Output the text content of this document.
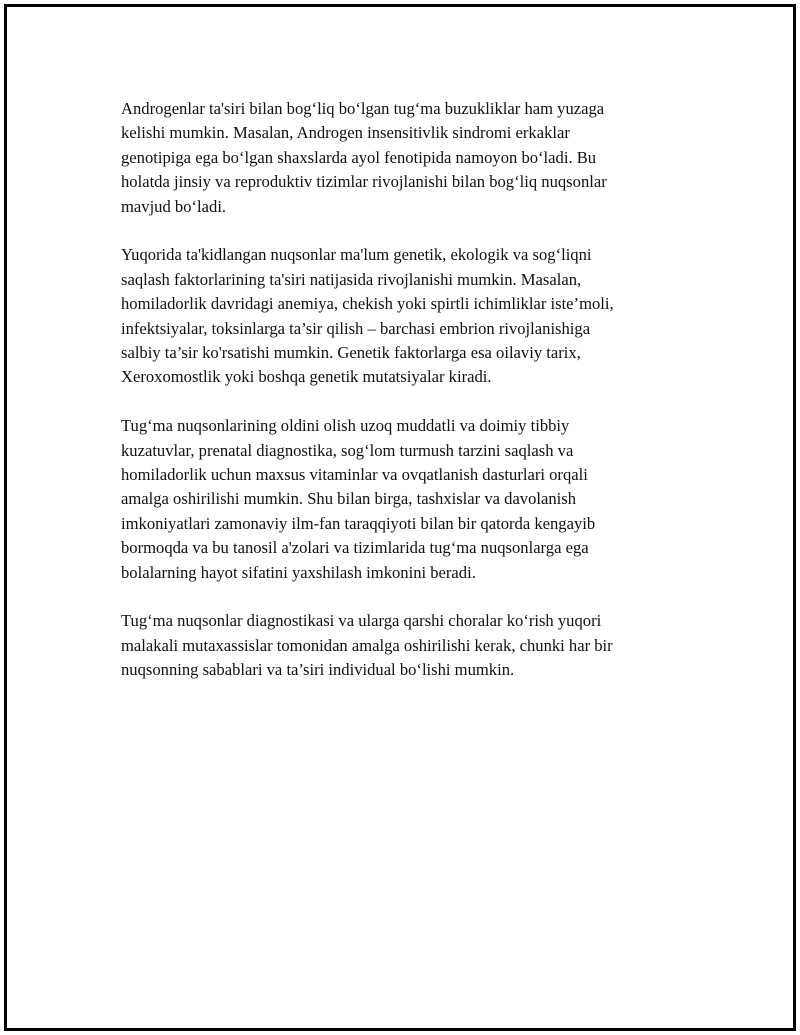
Androgenlar ta'siri bilan bog‘liq bo‘lgan tug‘ma buzukliklar ham yuzaga
kelishi mumkin. Masalan, Androgen insensitivlik sindromi erkaklar
genotipiga ega bo‘lgan shaxslarda ayol fenotipida namoyon bo‘ladi. Bu
holatda jinsiy va reproduktiv tizimlar rivojlanishi bilan bog‘liq nuqsonlar
mavjud bo‘ladi.

Yuqorida ta'kidlangan nuqsonlar ma'lum genetik, ekologik va sog‘liqni
saqlash faktorlarining ta'siri natijasida rivojlanishi mumkin. Masalan,
homiladorlik davridagi anemiya, chekish yoki spirtli ichimliklar iste’moli,
infektsiyalar, toksinlarga ta’sir qilish – barchasi embrion rivojlanishiga
salbiy ta’sir ko'rsatishi mumkin. Genetik faktorlarga esa oilaviy tarix,
Xeroxomostlik yoki boshqa genetik mutatsiyalar kiradi.

Tug‘ma nuqsonlarining oldini olish uzoq muddatli va doimiy tibbiy
kuzatuvlar, prenatal diagnostika, sog‘lom turmush tarzini saqlash va
homiladorlik uchun maxsus vitaminlar va ovqatlanish dasturlari orqali
amalga oshirilishi mumkin. Shu bilan birga, tashxislar va davolanish
imkoniyatlari zamonaviy ilm-fan taraqqiyoti bilan bir qatorda kengayib
bormoqda va bu tanosil a'zolari va tizimlarida tug‘ma nuqsonlarga ega
bolalarning hayot sifatini yaxshilash imkonini beradi.

Tug‘ma nuqsonlar diagnostikasi va ularga qarshi choralar ko‘rish yuqori
malakali mutaxassislar tomonidan amalga oshirilishi kerak, chunki har bir
nuqsonning sabablari va ta’siri individual bo‘lishi mumkin.
